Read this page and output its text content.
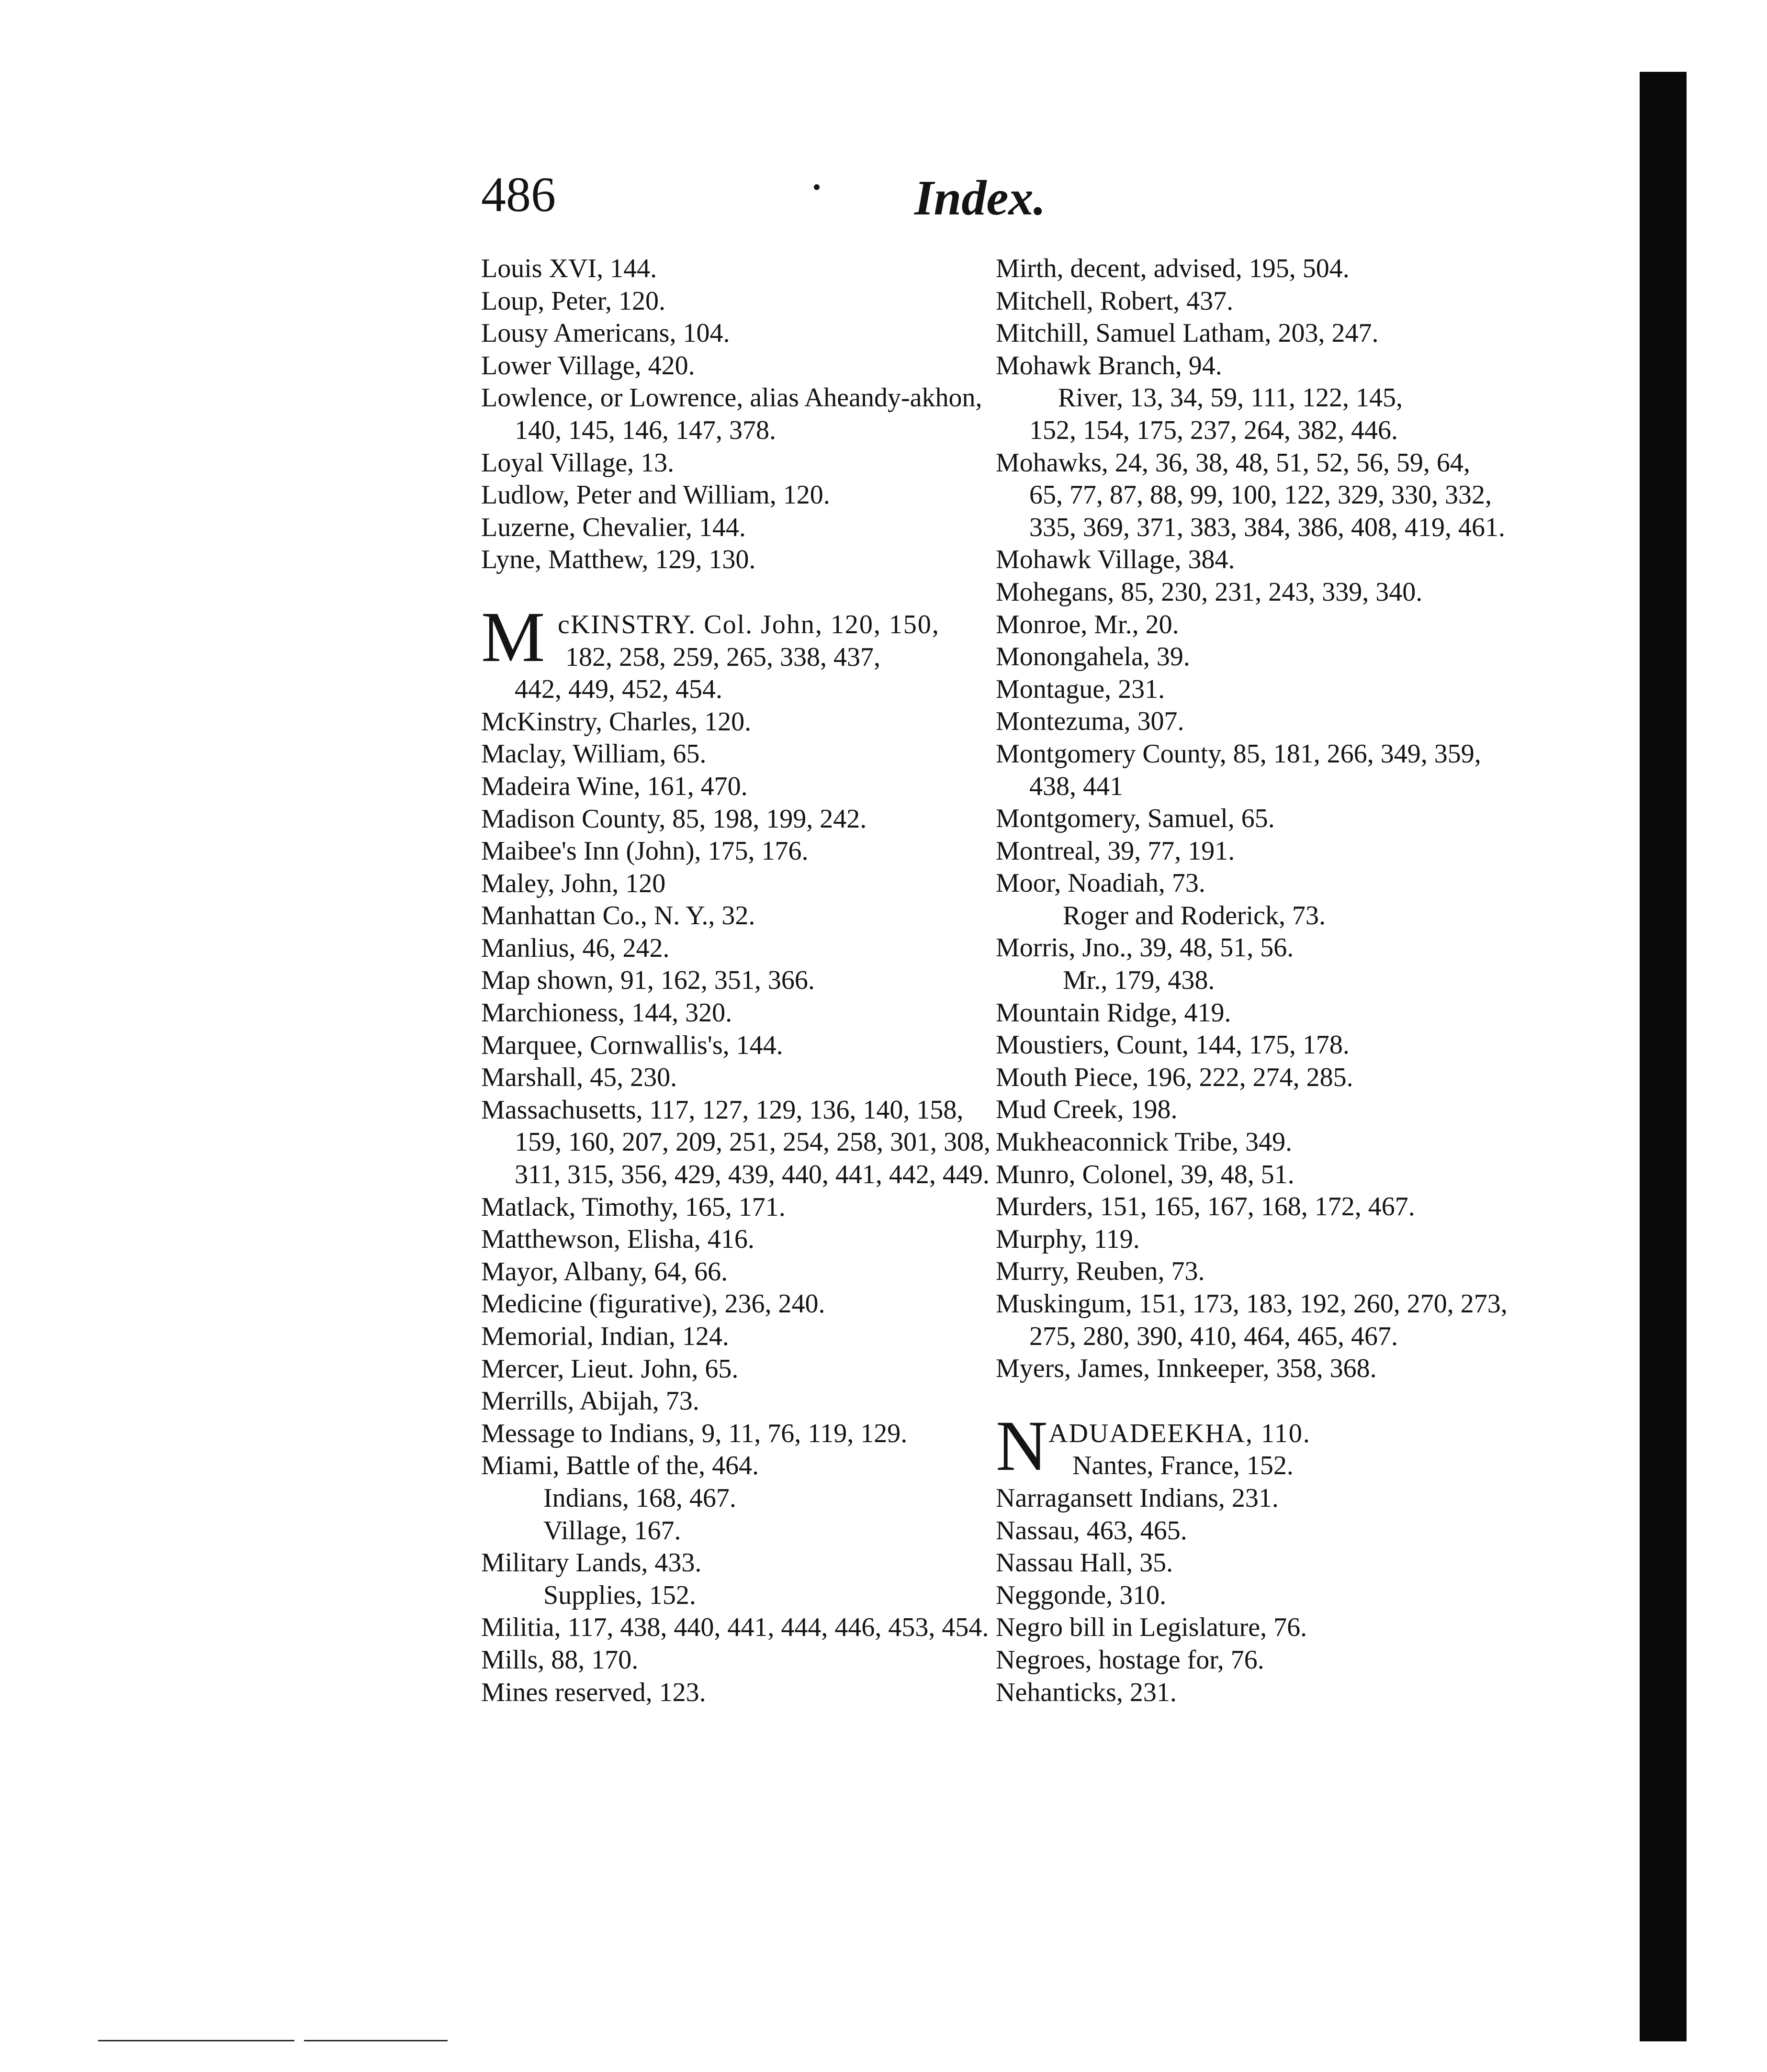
486	Index.

Louis XVI, 144.

Loup, Peter, 120.

Lousy Americans, 104.

Lower Village, 420.

Lowlence, or Lowrence, alias Aheandy-akhon, 140, 145, 146, 147, 378.

Loyal Village, 13.

Ludlow, Peter and William, 120.

Luzerne, Chevalier, 144.

Lyne, Matthew, 129, 130.

M cKINSTRY. Col. John, 120, 150,
182, 258, 259, 265, 338, 437,
442, 449, 452, 454.

McKinstry, Charles, 120.

Maclay, William, 65.

Madeira Wine, 161, 470.

Madison County, 85, 198, 199, 242.

Maibee's Inn (John), 175, 176.

Maley, John, 120

Manhattan Co., N. Y., 32.

Manlius, 46, 242.

Map shown, 91, 162, 351, 366.

Marchioness, 144, 320.

Marquee, Cornwallis's, 144.

Marshall, 45, 230.

Massachusetts, 117, 127, 129, 136, 140, 158, 159, 160, 207, 209, 251, 254, 258, 301, 308, 311, 315, 356, 429, 439, 440, 441, 442, 449.

Matlack, Timothy, 165, 171.

Matthewson, Elisha, 416.

Mayor, Albany, 64, 66.

Medicine (figurative), 236, 240.

Memorial, Indian, 124.

Mercer, Lieut. John, 65.

Merrills, Abijah, 73.

Message to Indians, 9, 11, 76, 119, 129.

Miami, Battle of the, 464.

Indians, 168, 467.

Village, 167.

Military Lands, 433.

Supplies, 152.

Militia, 117, 438, 440, 441, 444, 446, 453, 454.

Mills, 88, 170.

Mines reserved, 123.

Mirth, decent, advised, 195, 504.

Mitchell, Robert, 437.

Mitchill, Samuel Latham, 203, 247.

Mohawk Branch, 94.

River, 13, 34, 59, 111, 122, 145, 152, 154, 175, 237, 264, 382, 446.

Mohawks, 24, 36, 38, 48, 51, 52, 56, 59, 64, 65, 77, 87, 88, 99, 100, 122, 329, 330, 332, 335, 369, 371, 383, 384, 386, 408, 419, 461.

Mohawk Village, 384.

Mohegans, 85, 230, 231, 243, 339, 340.

Monroe, Mr., 20.

Monongahela, 39.

Montague, 231.

Montezuma, 307.

Montgomery County, 85, 181, 266, 349, 359, 438, 441

Montgomery, Samuel, 65.

Montreal, 39, 77, 191.

Moor, Noadiah, 73.

Roger and Roderick, 73.

Morris, Jno., 39, 48, 51, 56.

Mr., 179, 438.

Mountain Ridge, 419.

Moustiers, Count, 144, 175, 178.

Mouth Piece, 196, 222, 274, 285.

Mud Creek, 198.

Mukheaconnick Tribe, 349.

Munro, Colonel, 39, 48, 51.

Murders, 151, 165, 167, 168, 172, 467.

Murphy, 119.

Murry, Reuben, 73.

Muskingum, 151, 173, 183, 192, 260, 270, 273, 275, 280, 390, 410, 464, 465, 467.

Myers, James, Innkeeper, 358, 368.

N ADUADEEKHA, 110.
Nantes, France, 152.

Narragansett Indians, 231.

Nassau, 463, 465.

Nassau Hall, 35.

Neggonde, 310.

Negro bill in Legislature, 76.

Negroes, hostage for, 76.

Nehanticks, 231.
